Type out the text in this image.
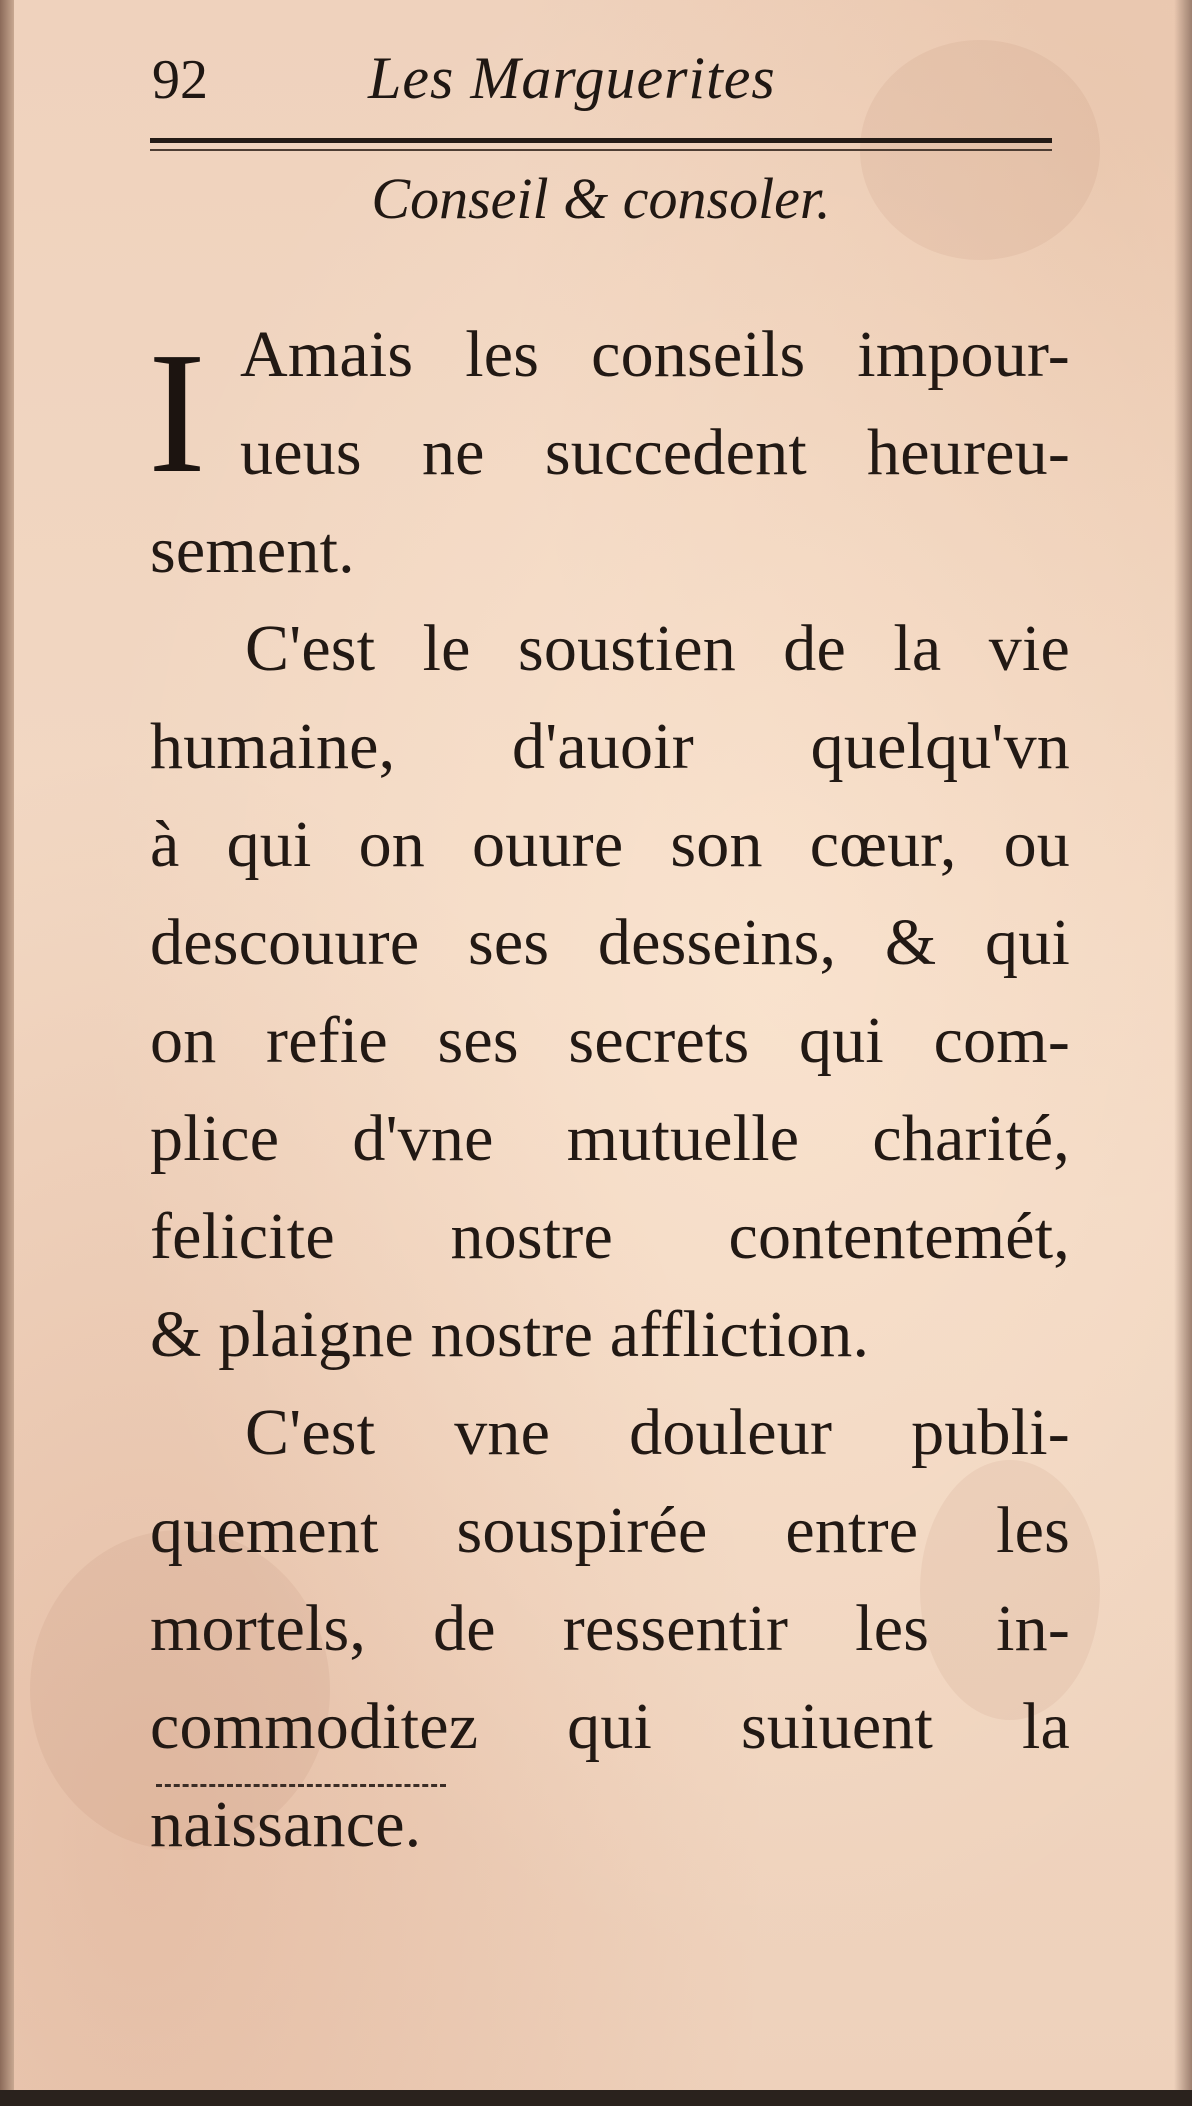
92	Les Marguerites
Conseil & consoler.
I Amais les conseils impour-
ueus ne succedent heureu-
sement.
C'est le soustien de la vie
humaine, d'auoir quelqu'vn
à qui on ouure son cœur, ou
descouure ses desseins, & qui
on refie ses secrets qui com-
plice d'vne mutuelle charité,
felicite nostre contentemét,
& plaigne nostre affliction.
C'est vne douleur publi-
quement souspirée entre les
mortels, de ressentir les in-
commoditez qui suiuent la
naissance.
